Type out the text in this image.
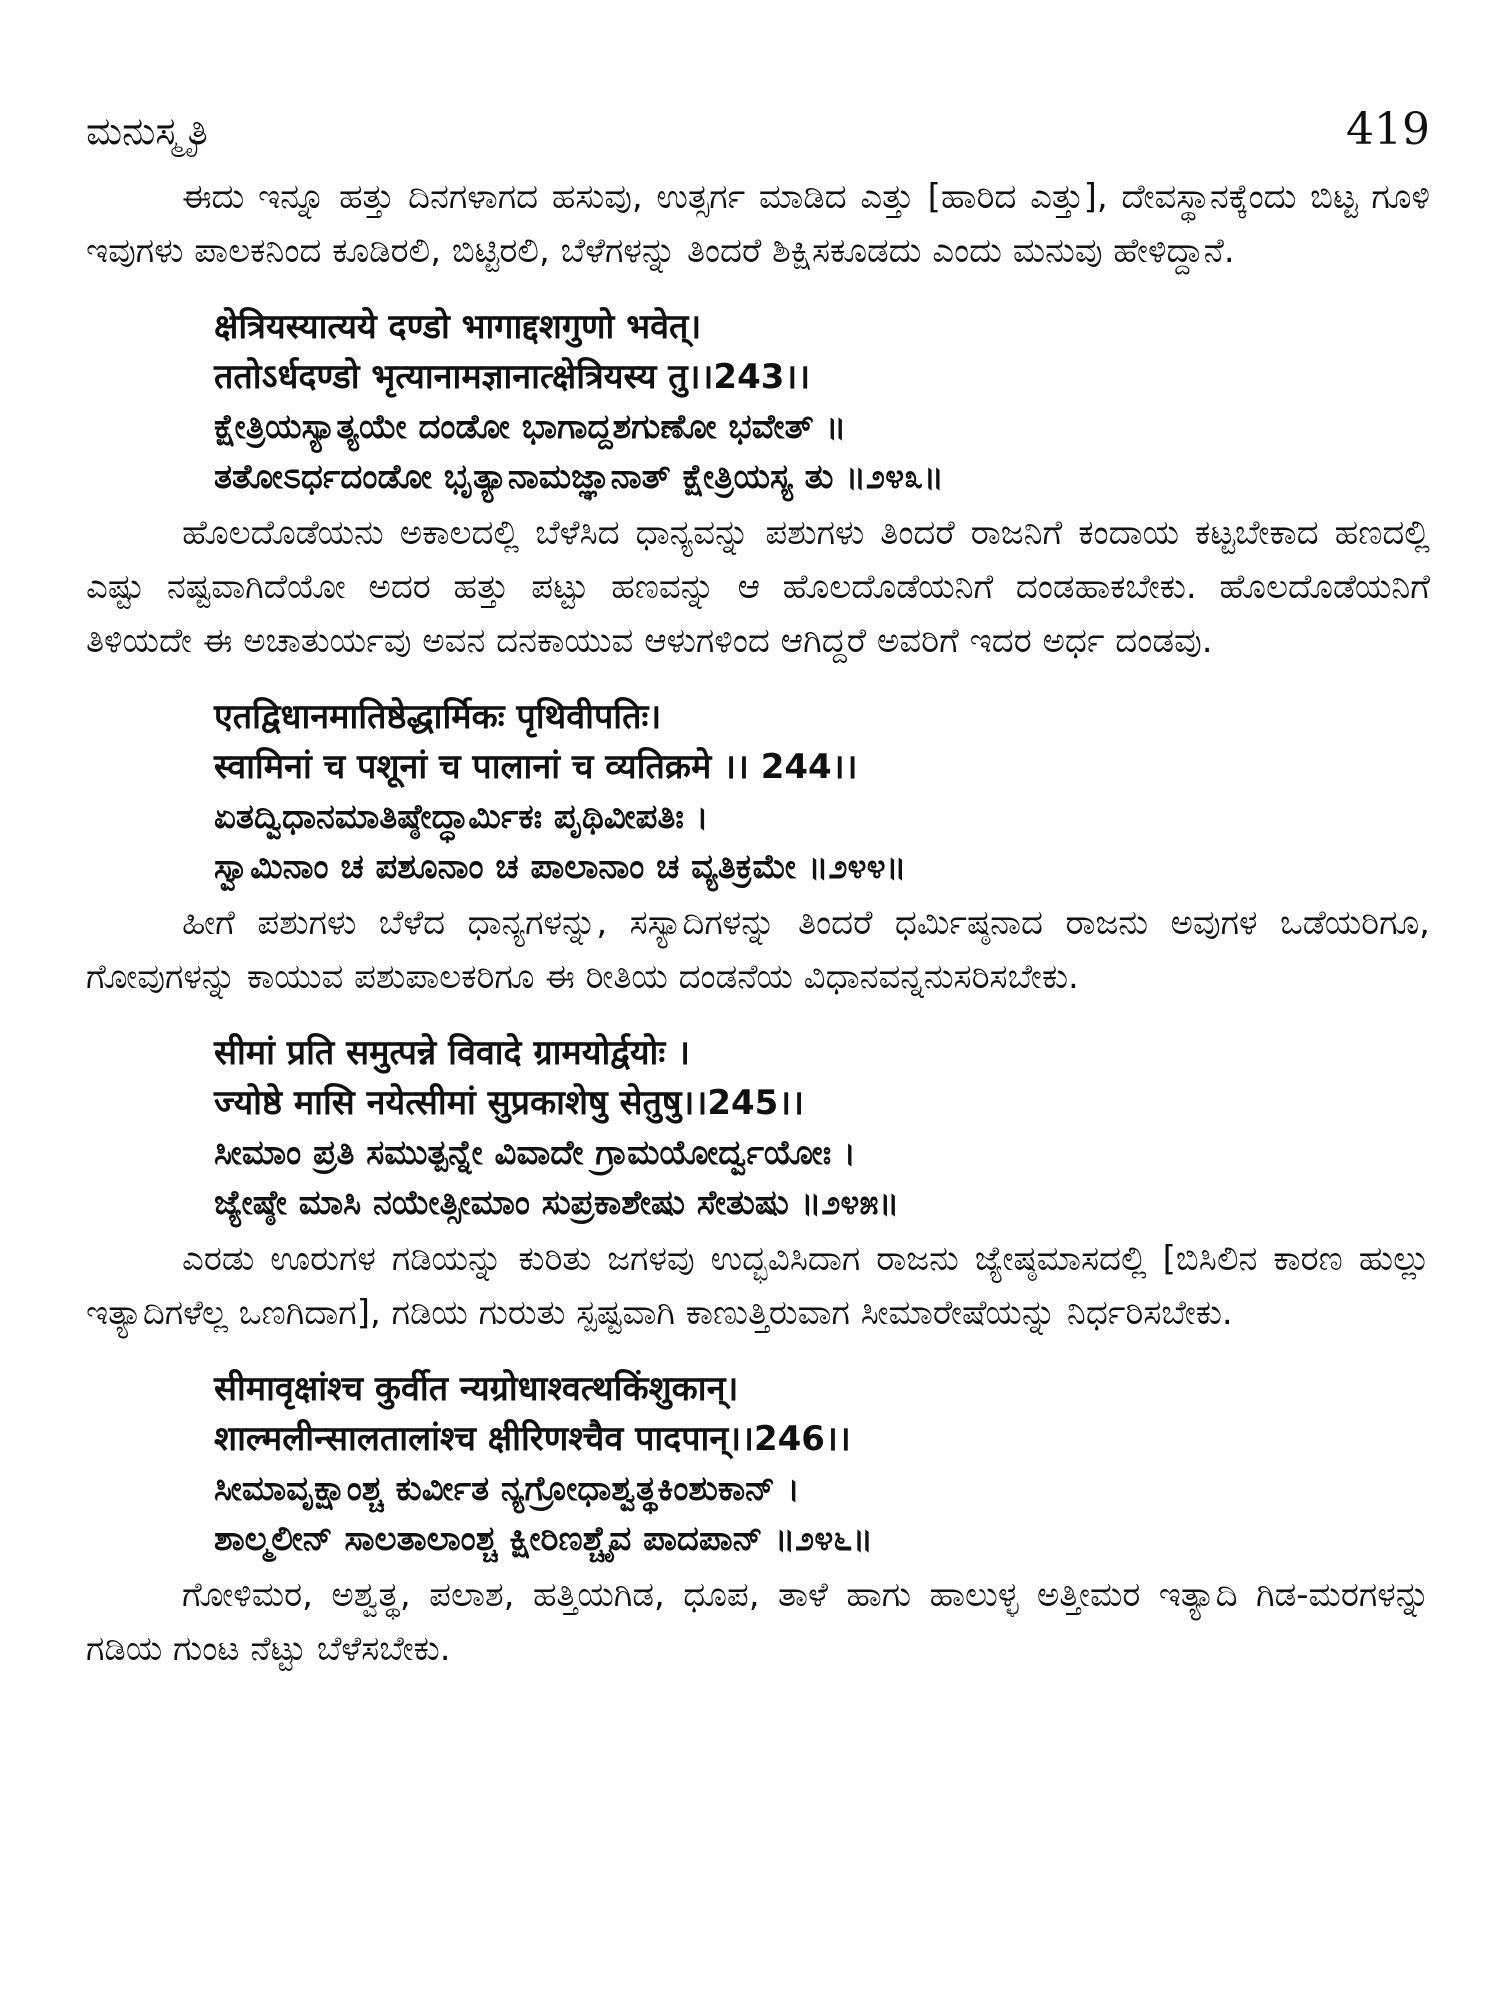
ಮನುಸ್ಮೃತಿ	419

ಈದು ಇನ್ನೂ ಹತ್ತು ದಿನಗಳಾಗದ ಹಸುವು, ಉತ್ಸರ್ಗ ಮಾಡಿದ ಎತ್ತು [ಹಾರಿದ ಎತ್ತು], ದೇವಸ್ಥಾನಕ್ಕೆಂದು ಬಿಟ್ಟ ಗೂಳಿ ಇವುಗಳು ಪಾಲಕನಿಂದ ಕೂಡಿರಲಿ, ಬಿಟ್ಟಿರಲಿ, ಬೆಳೆಗಳನ್ನು ತಿಂದರೆ ಶಿಕ್ಷಿಸಕೂಡದು ಎಂದು ಮನುವು ಹೇಳಿದ್ದಾನೆ.

क्षेत्रियस्यात्यये दण्डो भागाद्दशगुणो भवेत्।
ततोऽर्धदण्डो भृत्यानामज्ञानात्क्षेत्रियस्य तु।।243।।
ಕ್ಷೇತ್ರಿಯಸ್ಯಾತ್ಯಯೇ ದಂಡೋ ಭಾಗಾದ್ದಶಗುಣೋ ಭವೇತ್ ॥
ತತೋಽರ್ಧದಂಡೋ ಭೃತ್ಯಾನಾಮಜ್ಞಾನಾತ್ ಕ್ಷೇತ್ರಿಯಸ್ಯ ತು ॥೨೪೩॥

ಹೊಲದೊಡೆಯನು ಅಕಾಲದಲ್ಲಿ ಬೆಳೆಸಿದ ಧಾನ್ಯವನ್ನು ಪಶುಗಳು ತಿಂದರೆ ರಾಜನಿಗೆ ಕಂದಾಯ ಕಟ್ಟಬೇಕಾದ ಹಣದಲ್ಲಿ ಎಷ್ಟು ನಷ್ಟವಾಗಿದೆಯೋ ಅದರ ಹತ್ತು ಪಟ್ಟು ಹಣವನ್ನು ಆ ಹೊಲದೊಡೆಯನಿಗೆ ದಂಡಹಾಕಬೇಕು. ಹೊಲದೊಡೆಯನಿಗೆ ತಿಳಿಯದೇ ಈ ಅಚಾತುರ್ಯವು ಅವನ ದನಕಾಯುವ ಆಳುಗಳಿಂದ ಆಗಿದ್ದರೆ ಅವರಿಗೆ ಇದರ ಅರ್ಧ ದಂಡವು.

एतद्विधानमातिष्ठेद्धार्मिकः पृथिवीपतिः।
स्वामिनां च पशूनां च पालानां च व्यतिक्रमे ।। 244।।
ಏತದ್ವಿಧಾನಮಾತಿಷ್ಠೇದ್ಧಾರ್ಮಿಕಃ ಪೃಥಿವೀಪತಿಃ ।
ಸ್ವಾಮಿನಾಂ ಚ ಪಶೂನಾಂ ಚ ಪಾಲಾನಾಂ ಚ ವ್ಯತಿಕ್ರಮೇ ॥೨೪೪॥

ಹೀಗೆ ಪಶುಗಳು ಬೆಳೆದ ಧಾನ್ಯಗಳನ್ನು, ಸಸ್ಯಾದಿಗಳನ್ನು ತಿಂದರೆ ಧರ್ಮಿಷ್ಠನಾದ ರಾಜನು ಅವುಗಳ ಒಡೆಯರಿಗೂ, ಗೋವುಗಳನ್ನು ಕಾಯುವ ಪಶುಪಾಲಕರಿಗೂ ಈ ರೀತಿಯ ದಂಡನೆಯ ವಿಧಾನವನ್ನನುಸರಿಸಬೇಕು.

सीमां प्रति समुत्पन्ने विवादे ग्रामयोर्द्वयोः ।
ज्योष्ठे मासि नयेत्सीमां सुप्रकाशेषु सेतुषु।।245।।
ಸೀಮಾಂ ಪ್ರತಿ ಸಮುತ್ಪನ್ನೇ ವಿವಾದೇ ಗ್ರಾಮಯೋರ್ದ್ವಯೋಃ ।
ಜ್ಯೇಷ್ಠೇ ಮಾಸಿ ನಯೇತ್ಸೀಮಾಂ ಸುಪ್ರಕಾಶೇಷು ಸೇತುಷು ॥೨೪೫॥

ಎರಡು ಊರುಗಳ ಗಡಿಯನ್ನು ಕುರಿತು ಜಗಳವು ಉದ್ಭವಿಸಿದಾಗ ರಾಜನು ಜ್ಯೇಷ್ಠಮಾಸದಲ್ಲಿ [ಬಿಸಿಲಿನ ಕಾರಣ ಹುಲ್ಲು ಇತ್ಯಾದಿಗಳೆಲ್ಲ ಒಣಗಿದಾಗ], ಗಡಿಯ ಗುರುತು ಸ್ಪಷ್ಟವಾಗಿ ಕಾಣುತ್ತಿರುವಾಗ ಸೀಮಾರೇಷೆಯನ್ನು ನಿರ್ಧರಿಸಬೇಕು.

सीमावृक्षांश्च कुर्वीत न्यग्रोधाश्वत्थकिंशुकान्।
शाल्मलीन्सालतालांश्च क्षीरिणश्चैव पादपान्।।246।।
ಸೀಮಾವೃಕ್ಷಾಂಶ್ಚ ಕುರ್ವೀತ ನ್ಯಗ್ರೋಧಾಶ್ವತ್ಥಕಿಂಶುಕಾನ್ ।
ಶಾಲ್ಮಲೀನ್ ಸಾಲತಾಲಾಂಶ್ಚ ಕ್ಷೀರಿಣಶ್ಚೈವ ಪಾದಪಾನ್ ॥೨೪೬॥

ಗೋಳಿಮರ, ಅಶ್ವತ್ಥ, ಪಲಾಶ, ಹತ್ತಿಯಗಿಡ, ಧೂಪ, ತಾಳೆ ಹಾಗು ಹಾಲುಳ್ಳ ಅತ್ತೀಮರ ಇತ್ಯಾದಿ ಗಿಡ-ಮರಗಳನ್ನು ಗಡಿಯ ಗುಂಟ ನೆಟ್ಟು ಬೆಳೆಸಬೇಕು.
